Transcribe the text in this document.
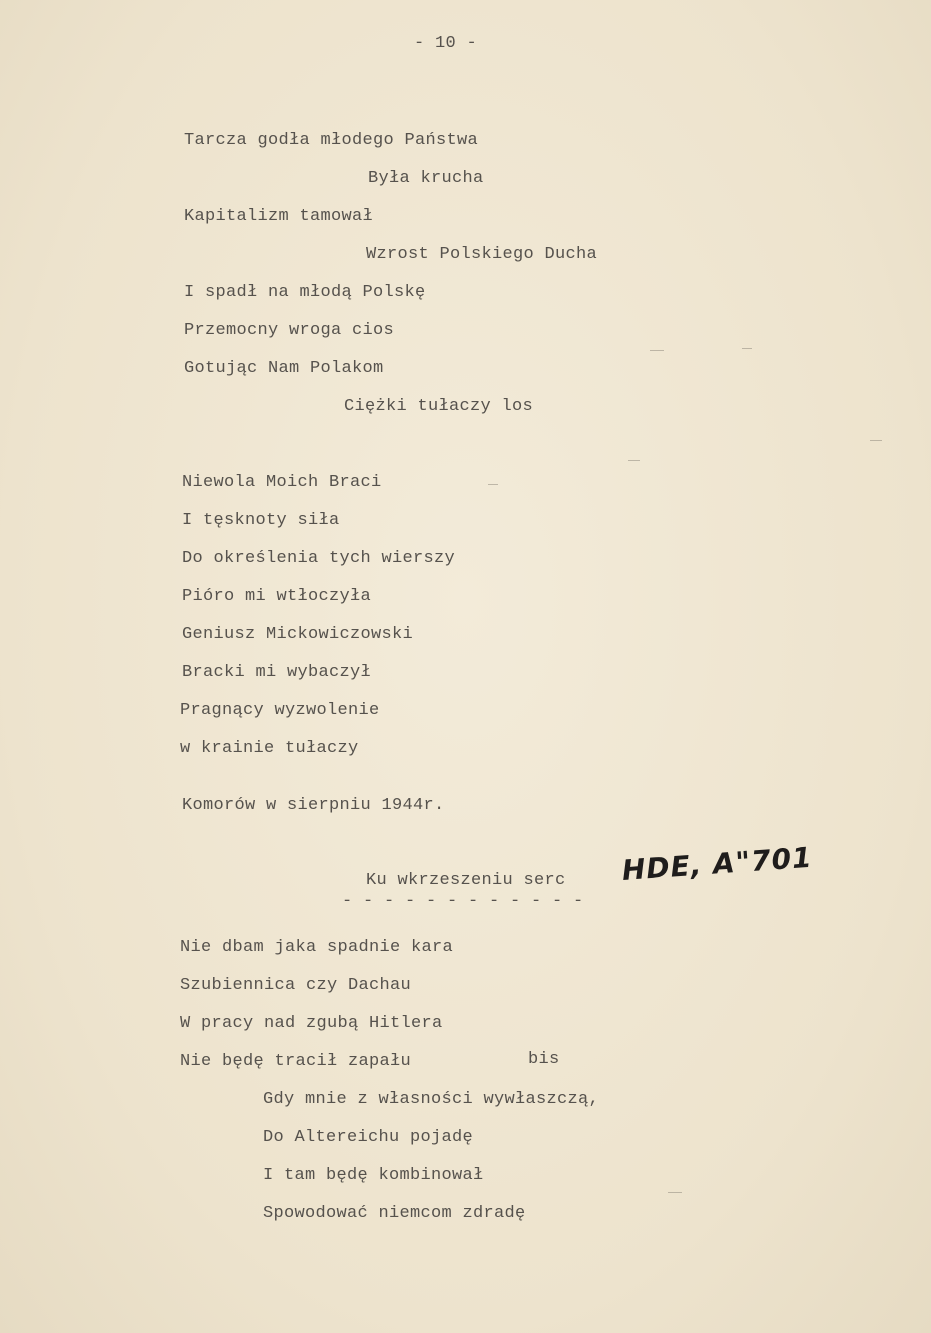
- 10 -
Tarcza godła młodego Państwa
Była krucha
Kapitalizm tamował
Wzrost Polskiego Ducha
I spadł na młodą Polskę
Przemocny wroga cios
Gotując Nam Polakom
Ciężki tułaczy los
Niewola Moich Braci
I tęsknoty siła
Do określenia tych wierszy
Pióro mi wtłoczyła
Geniusz Mickowiczowski
Bracki mi wybaczył
Pragnący wyzwolenie
w krainie tułaczy
Komorów w sierpniu 1944r.
Ku wkrzeszeniu serc
- - - - - - - - - - - -
HDE, A"701
Nie dbam jaka spadnie kara
Szubiennica czy Dachau
W pracy nad zgubą Hitlera
Nie będę tracił zapału	bis
Gdy mnie z własności wywłaszczą,
Do Altereichu pojadę
I tam będę kombinował
Spowodować niemcom zdradę
